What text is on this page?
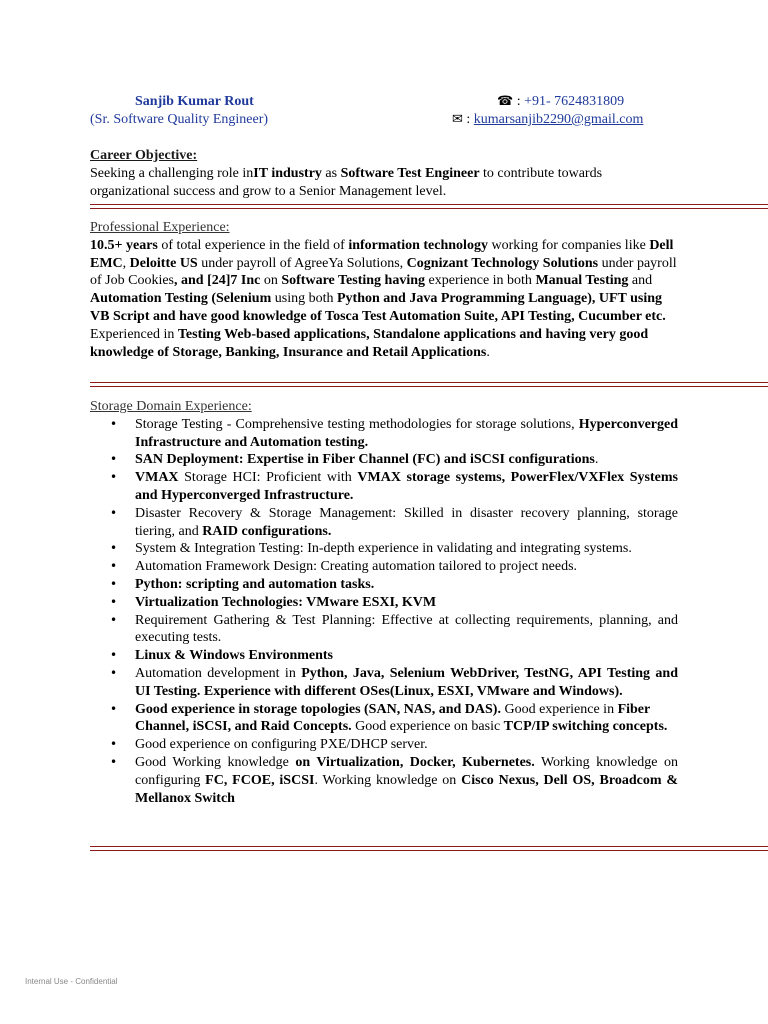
Sanjib Kumar Rout
(Sr. Software Quality Engineer)
☎ : +91- 7624831809
✉ : kumarsanjib2290@gmail.com

Career Objective:

Seeking a challenging role inIT industry as Software Test Engineer to contribute towards organizational success and grow to a Senior Management level.

Professional Experience:

10.5+ years of total experience in the field of information technology working for companies like Dell EMC, Deloitte US under payroll of AgreeYa Solutions, Cognizant Technology Solutions under payroll of Job Cookies, and [24]7 Inc on Software Testing having experience in both Manual Testing and Automation Testing (Selenium using both Python and Java Programming Language), UFT using VB Script and have good knowledge of Tosca Test Automation Suite, API Testing, Cucumber etc. Experienced in Testing Web-based applications, Standalone applications and having very good knowledge of Storage, Banking, Insurance and Retail Applications.

Storage Domain Experience:

• Storage Testing - Comprehensive testing methodologies for storage solutions, Hyperconverged Infrastructure and Automation testing.
• SAN Deployment: Expertise in Fiber Channel (FC) and iSCSI configurations.
• VMAX Storage HCI: Proficient with VMAX storage systems, PowerFlex/VXFlex Systems and Hyperconverged Infrastructure.
• Disaster Recovery & Storage Management: Skilled in disaster recovery planning, storage tiering, and RAID configurations.
• System & Integration Testing: In-depth experience in validating and integrating systems.
• Automation Framework Design: Creating automation tailored to project needs.
• Python: scripting and automation tasks.
• Virtualization Technologies: VMware ESXI, KVM
• Requirement Gathering & Test Planning: Effective at collecting requirements, planning, and executing tests.
• Linux & Windows Environments
• Automation development in Python, Java, Selenium WebDriver, TestNG, API Testing and UI Testing. Experience with different OSes(Linux, ESXI, VMware and Windows).
• Good experience in storage topologies (SAN, NAS, and DAS). Good experience in Fiber Channel, iSCSI, and Raid Concepts. Good experience on basic TCP/IP switching concepts.
• Good experience on configuring PXE/DHCP server.
• Good Working knowledge on Virtualization, Docker, Kubernetes. Working knowledge on configuring FC, FCOE, iSCSI. Working knowledge on Cisco Nexus, Dell OS, Broadcom & Mellanox Switch
Internal Use - Confidential
